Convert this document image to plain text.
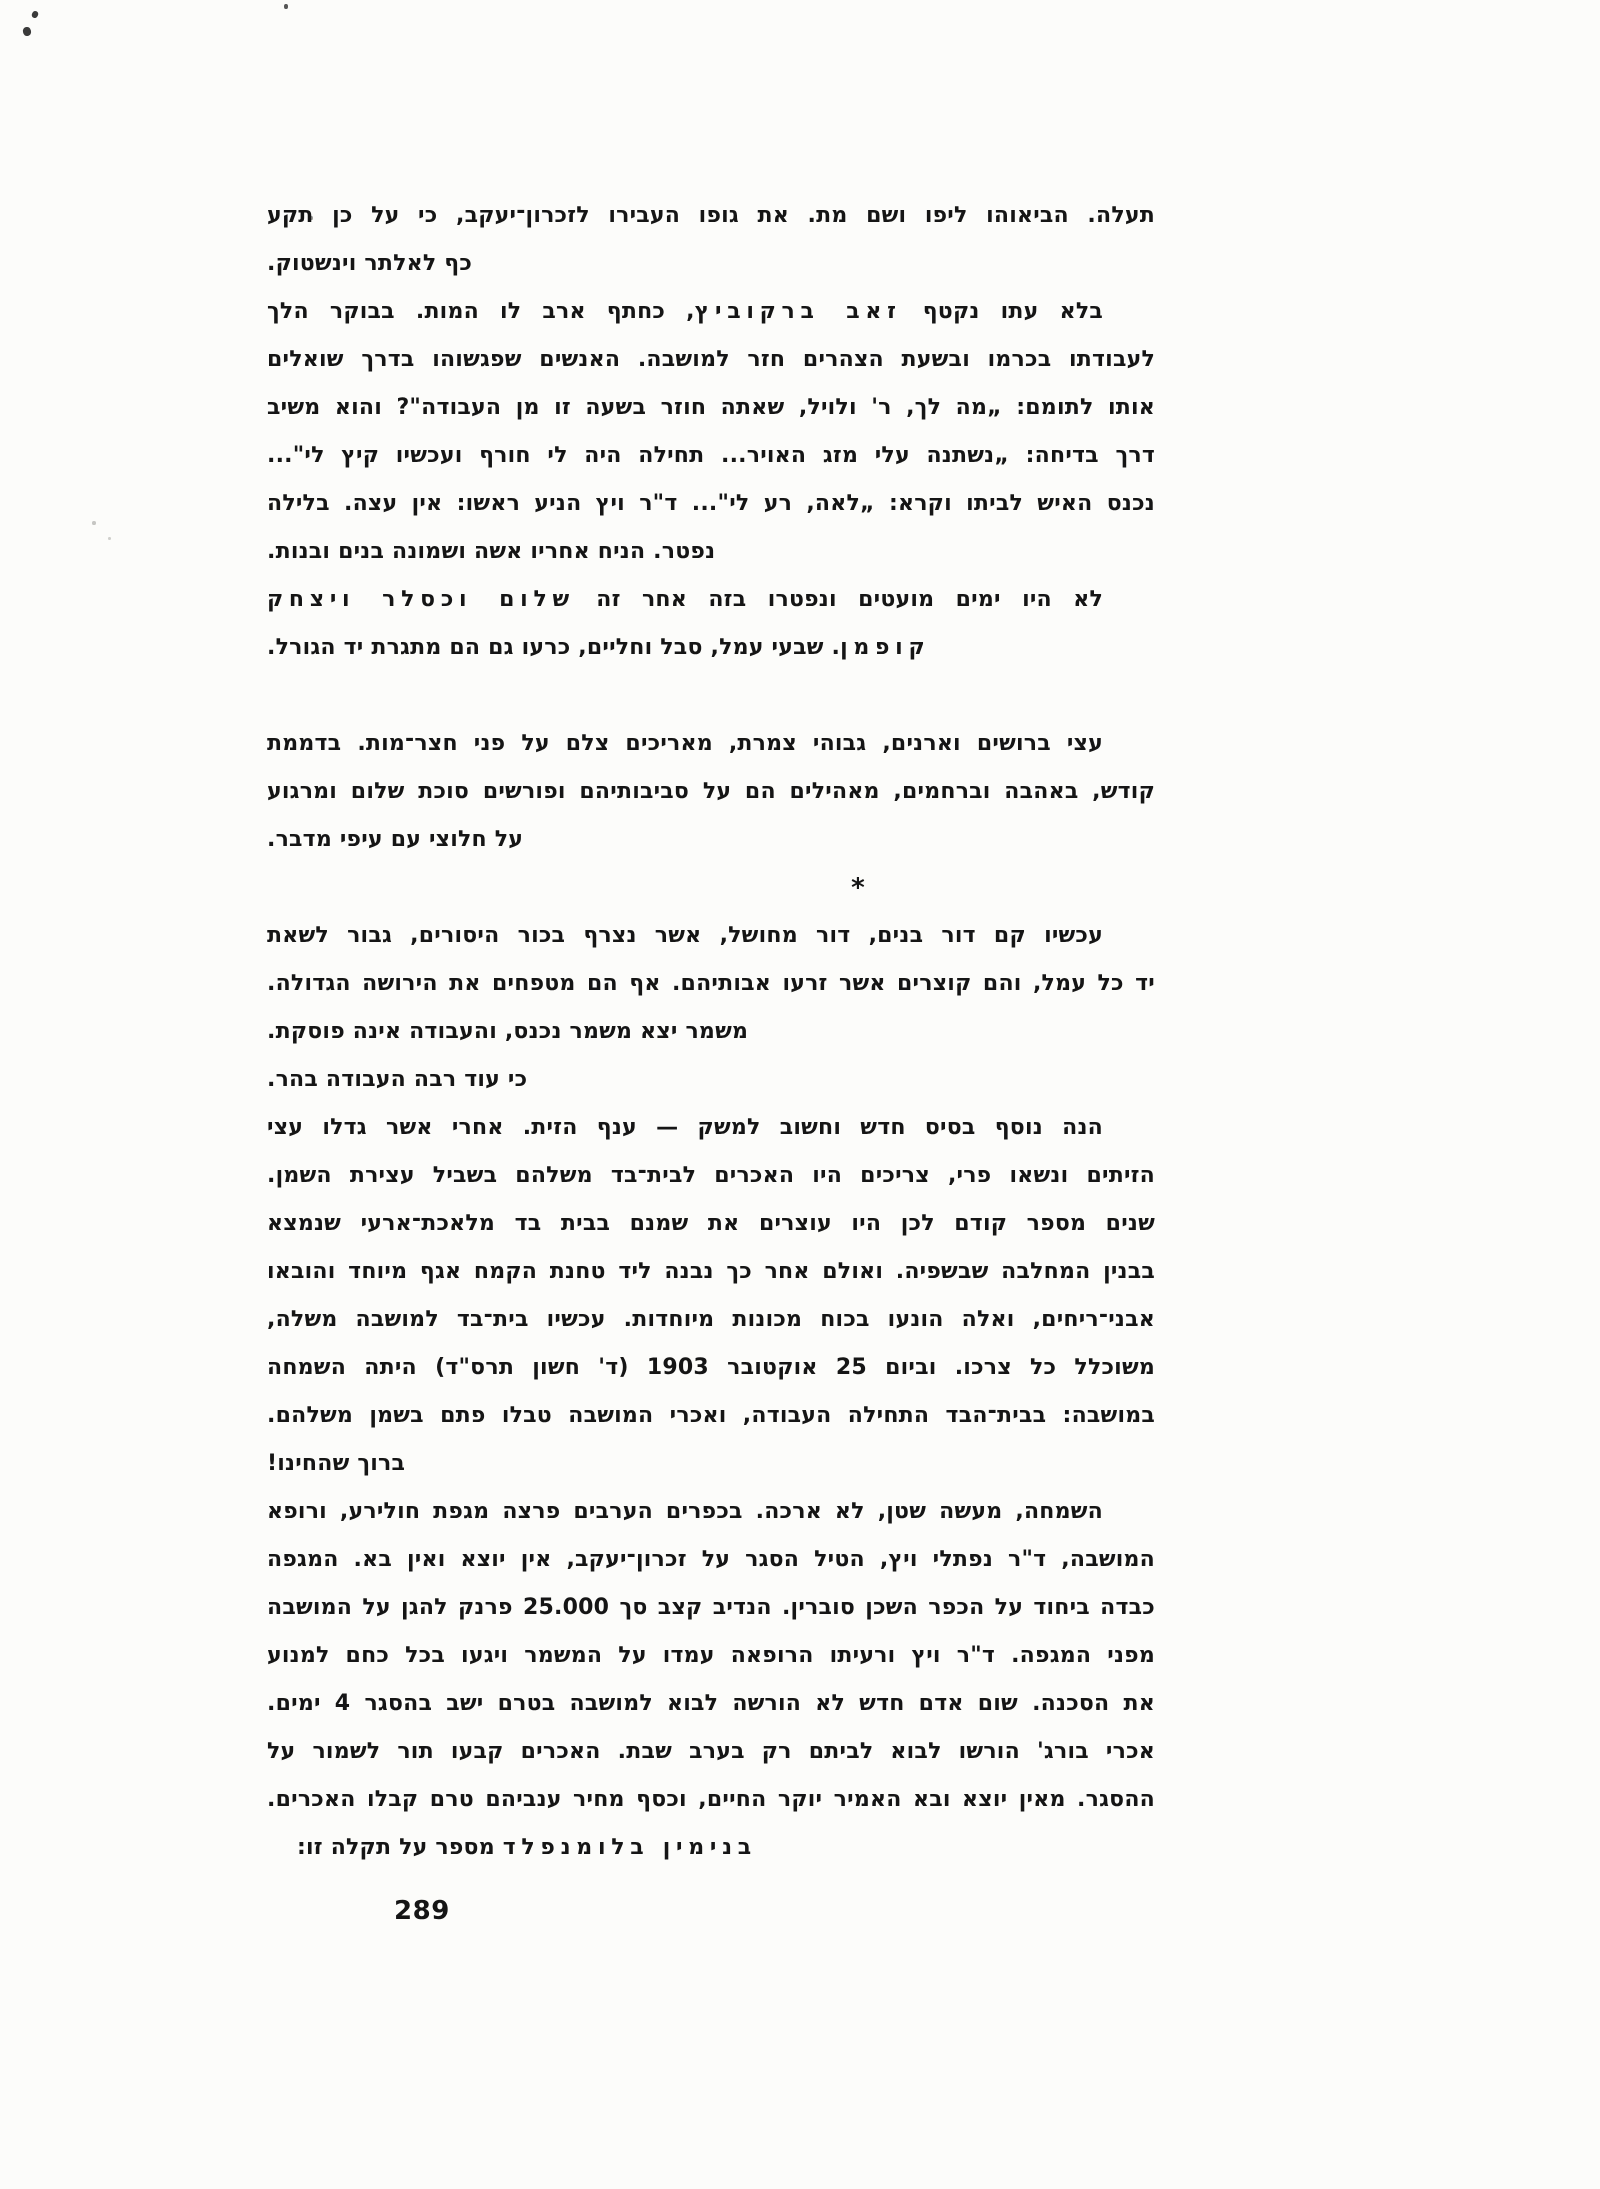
תעלה. הביאוהו ליפו ושם מת. את גופו העבירו לזכרון־יעקב, כי על כן תקע
כף לאלתר וינשטוק.
בלא עתו נקטף זאב ברקוביץ, כחתף ארב לו המות. בבוקר הלך
לעבודתו בכרמו ובשעת הצהרים חזר למושבה. האנשים שפגשוהו בדרך שואלים
אותו לתומם: „מה לך, ר' ולויל, שאתה חוזר בשעה זו מן העבודה"? והוא משיב
דרך בדיחה: „נשתנה עלי מזג האויר... תחילה היה לי חורף ועכשיו קיץ לי"...
נכנס האיש לביתו וקרא: „לאה, רע לי"... ד"ר ויץ הניע ראשו: אין עצה. בלילה
נפטר. הניח אחריו אשה ושמונה בנים ובנות.
לא היו ימים מועטים ונפטרו בזה אחר זה שלום וכסלר ויצחק
קופמן. שבעי עמל, סבל וחליים, כרעו גם הם מתגרת יד הגורל.
עצי ברושים וארנים, גבוהי צמרת, מאריכים צלם על פני חצר־מות. בדממת
קודש, באהבה וברחמים, מאהילים הם על סביבותיהם ופורשים סוכת שלום ומרגוע
על חלוצי עם עיפי מדבר.
*
עכשיו קם דור בנים, דור מחושל, אשר נצרף בכור היסורים, גבור לשאת
יד כל עמל, והם קוצרים אשר זרעו אבותיהם. אף הם מטפחים את הירושה הגדולה.
משמר יצא משמר נכנס, והעבודה אינה פוסקת.
כי עוד רבה העבודה בהר.
הנה נוסף בסיס חדש וחשוב למשק — ענף הזית. אחרי אשר גדלו עצי
הזיתים ונשאו פרי, צריכים היו האכרים לבית־בד משלהם בשביל עצירת השמן.
שנים מספר קודם לכן היו עוצרים את שמנם בבית בד מלאכת־ארעי שנמצא
בבנין המחלבה שבשפיה. ואולם אחר כך נבנה ליד טחנת הקמח אגף מיוחד והובאו
אבני־ריחים, ואלה הונעו בכוח מכונות מיוחדות. עכשיו בית־בד למושבה משלה,
משוכלל כל צרכו. וביום 25 אוקטובר 1903 (ד' חשון תרס"ד) היתה השמחה
במושבה: בבית־הבד התחילה העבודה, ואכרי המושבה טבלו פתם בשמן משלהם.
ברוך שהחינו!
השמחה, מעשה שטן, לא ארכה. בכפרים הערבים פרצה מגפת חולירע, ורופא
המושבה, ד"ר נפתלי ויץ, הטיל הסגר על זכרון־יעקב, אין יוצא ואין בא. המגפה
כבדה ביחוד על הכפר השכן סוברין. הנדיב קצב סך 25.000 פרנק להגן על המושבה
מפני המגפה. ד"ר ויץ ורעיתו הרופאה עמדו על המשמר ויגעו בכל כחם למנוע
את הסכנה. שום אדם חדש לא הורשה לבוא למושבה בטרם ישב בהסגר 4 ימים.
אכרי בורג' הורשו לבוא לביתם רק בערב שבת. האכרים קבעו תור לשמור על
ההסגר. מאין יוצא ובא האמיר יוקר החיים, וכסף מחיר ענביהם טרם קבלו האכרים.
בנימין בלומנפלד מספר על תקלה זו:
289
